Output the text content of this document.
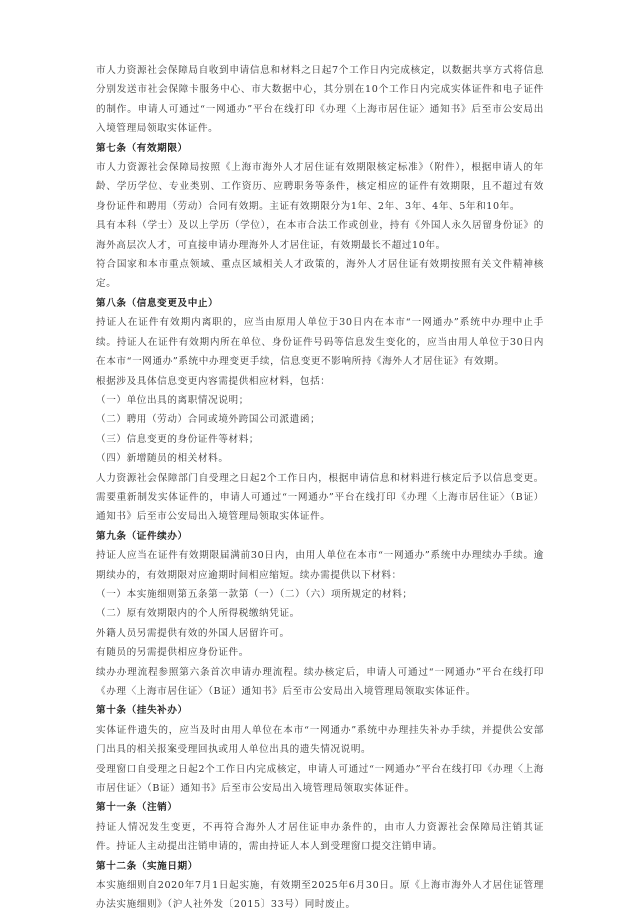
市人力资源社会保障局自收到申请信息和材料之日起7个工作日内完成核定，以数据共享方式将信息分别发送市社会保障卡服务中心、市大数据中心，其分别在10个工作日内完成实体证件和电子证件的制作。申请人可通过“一网通办”平台在线打印《办理〈上海市居住证〉通知书》后至市公安局出入境管理局领取实体证件。

第七条（有效期限）

市人力资源社会保障局按照《上海市海外人才居住证有效期限核定标准》（附件），根据申请人的年龄、学历学位、专业类别、工作资历、应聘职务等条件，核定相应的证件有效期限，且不超过有效身份证件和聘用（劳动）合同有效期。主证有效期限分为1年、2年、3年、4年、5年和10年。

具有本科（学士）及以上学历（学位），在本市合法工作或创业，持有《外国人永久居留身份证》的海外高层次人才，可直接申请办理海外人才居住证，有效期最长不超过10年。

符合国家和本市重点领域、重点区域相关人才政策的，海外人才居住证有效期按照有关文件精神核定。

第八条（信息变更及中止）

持证人在证件有效期内离职的，应当由原用人单位于30日内在本市“一网通办”系统中办理中止手续。持证人在证件有效期内所在单位、身份证件号码等信息发生变化的，应当由用人单位于30日内在本市“一网通办”系统中办理变更手续，信息变更不影响所持《海外人才居住证》有效期。

根据涉及具体信息变更内容需提供相应材料，包括：

（一）单位出具的离职情况说明；

（二）聘用（劳动）合同或境外跨国公司派遣函；

（三）信息变更的身份证件等材料；

（四）新增随员的相关材料。

人力资源社会保障部门自受理之日起2个工作日内，根据申请信息和材料进行核定后予以信息变更。需要重新制发实体证件的，申请人可通过“一网通办”平台在线打印《办理〈上海市居住证〉（B证）通知书》后至市公安局出入境管理局领取实体证件。

第九条（证件续办）

持证人应当在证件有效期限届满前30日内，由用人单位在本市“一网通办”系统中办理续办手续。逾期续办的，有效期限对应逾期时间相应缩短。续办需提供以下材料：

（一）本实施细则第五条第一款第（一）（二）（六）项所规定的材料；

（二）原有效期限内的个人所得税缴纳凭证。

外籍人员另需提供有效的外国人居留许可。

有随员的另需提供相应身份证件。

续办办理流程参照第六条首次申请办理流程。续办核定后，申请人可通过“一网通办”平台在线打印《办理〈上海市居住证〉（B证）通知书》后至市公安局出入境管理局领取实体证件。

第十条（挂失补办）

实体证件遗失的，应当及时由用人单位在本市“一网通办”系统中办理挂失补办手续，并提供公安部门出具的相关报案受理回执或用人单位出具的遗失情况说明。

受理窗口自受理之日起2个工作日内完成核定，申请人可通过“一网通办”平台在线打印《办理〈上海市居住证〉（B证）通知书》后至市公安局出入境管理局领取实体证件。

第十一条（注销）

持证人情况发生变更，不再符合海外人才居住证申办条件的，由市人力资源社会保障局注销其证件。持证人主动提出注销申请的，需由持证人本人到受理窗口提交注销申请。

第十二条（实施日期）

本实施细则自2020年7月1日起实施，有效期至2025年6月30日。原《上海市海外人才居住证管理办法实施细则》（沪人社外发〔2015〕33号）同时废止。
